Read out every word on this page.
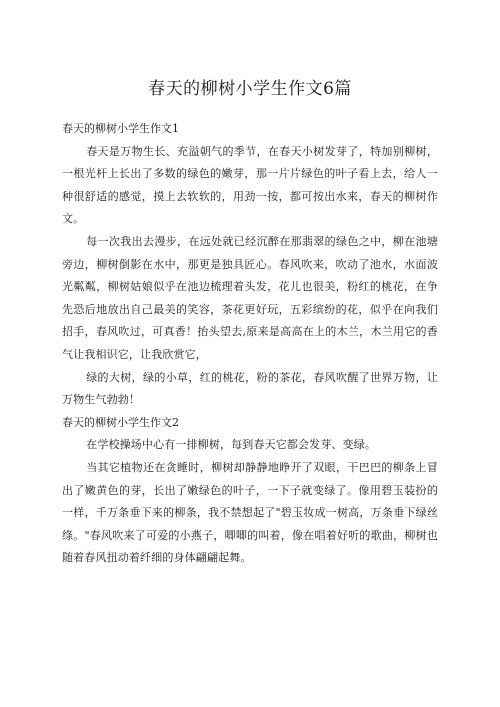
春天的柳树小学生作文6篇
春天的柳树小学生作文1

春天是万物生长、充溢朝气的季节，在春天小树发芽了，特加别柳树，一根光杆上长出了多数的绿色的嫩芽，那一片片绿色的叶子看上去，给人一种很舒适的感觉，摸上去软软的，用劲一按，都可按出水来，春天的柳树作文。

每一次我出去漫步，在远处就已经沉醉在那翡翠的绿色之中，柳在池塘旁边，柳树倒影在水中，那更是独具匠心。春风吹来，吹动了池水，水面波光粼粼，柳树姑娘似乎在池边梳理着头发，花儿也很美，粉红的桃花，在争先恐后地放出自己最美的笑容，茶花更好玩，五彩缤纷的花，似乎在向我们招手，春风吹过，可真香！抬头望去,原来是高高在上的木兰，木兰用它的香气让我相识它，让我欣赏它，

绿的大树，绿的小草，红的桃花，粉的茶花，春风吹醒了世界万物，让万物生气勃勃！

春天的柳树小学生作文2

在学校操场中心有一排柳树，每到春天它都会发芽、变绿。

当其它植物还在贪睡时，柳树却静静地睁开了双眼，干巴巴的柳条上冒出了嫩黄色的芽，长出了嫩绿色的叶子，一下子就变绿了。像用碧玉装扮的一样，千万条垂下来的柳条，我不禁想起了"碧玉妆成一树高，万条垂下绿丝绦。"春风吹来了可爱的小燕子，唧唧的叫着，像在唱着好听的歌曲，柳树也随着春风扭动着纤细的身体翩翩起舞。
